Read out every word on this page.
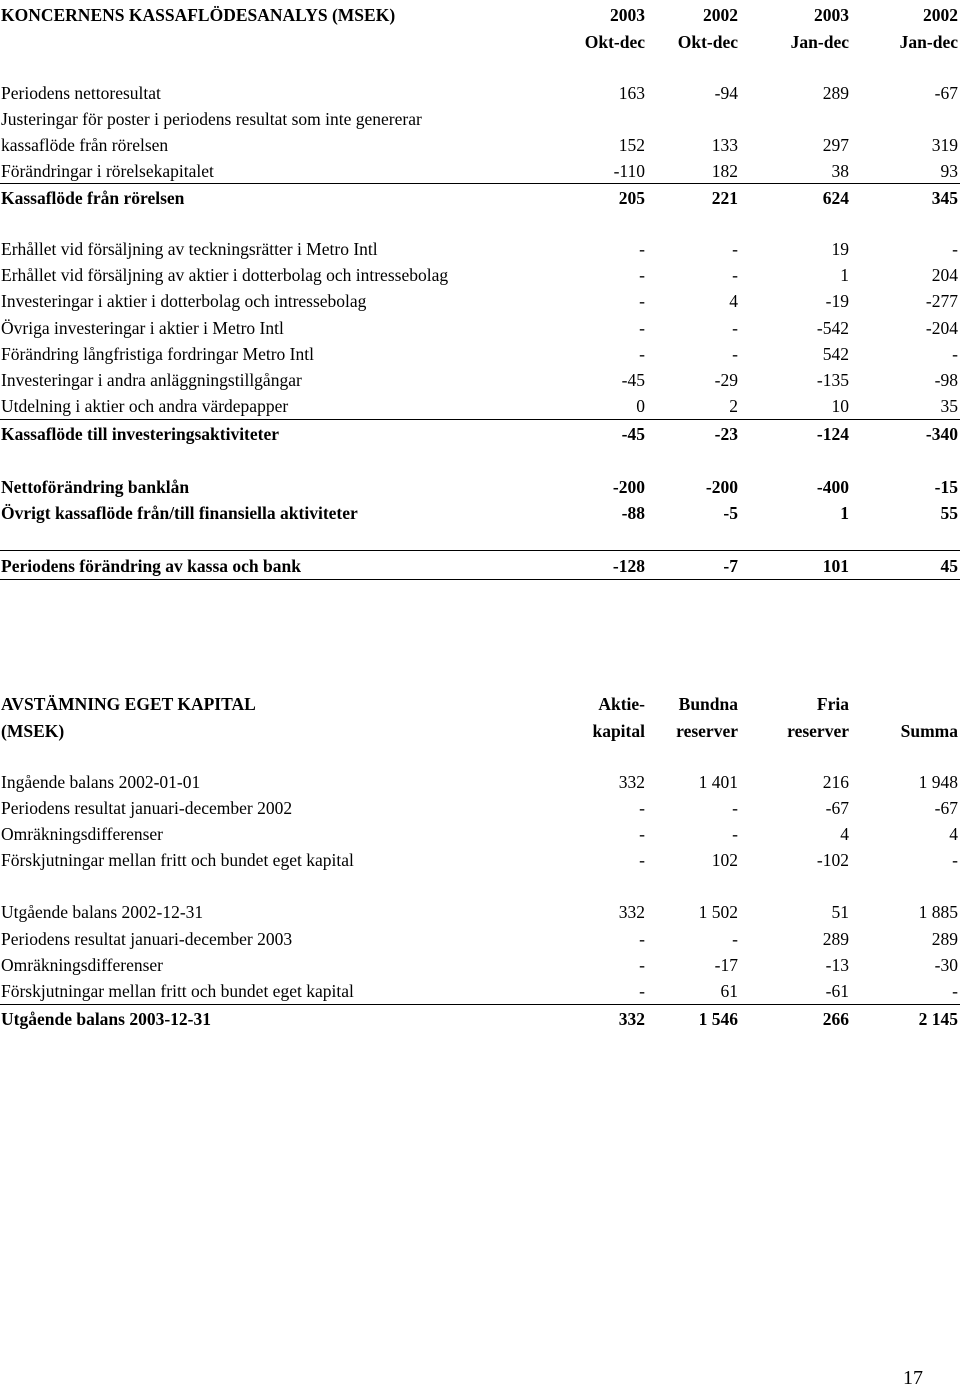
KONCERNENS KASSAFLÖDESANALYS (MSEK)	2003	2002	2003	2002
Okt-dec	Okt-dec	Jan-dec	Jan-dec
Periodens nettoresultat	163	-94	289	-67
Justeringar för poster i periodens resultat som inte genererar
kassaflöde från rörelsen	152	133	297	319
Förändringar i rörelsekapitalet	-110	182	38	93
Kassaflöde från rörelsen	205	221	624	345
Erhållet vid försäljning av teckningsrätter i Metro Intl	-	-	19	-
Erhållet vid försäljning av aktier i dotterbolag och intressebolag	-	-	1	204
Investeringar i aktier i dotterbolag och intressebolag	-	4	-19	-277
Övriga investeringar i aktier i Metro Intl	-	-	-542	-204
Förändring långfristiga fordringar Metro Intl	-	-	542	-
Investeringar i andra anläggningstillgångar	-45	-29	-135	-98
Utdelning i aktier och andra värdepapper	0	2	10	35
Kassaflöde till investeringsaktiviteter	-45	-23	-124	-340
Nettoförändring banklån	-200	-200	-400	-15
Övrigt kassaflöde från/till finansiella aktiviteter	-88	-5	1	55
Periodens förändring av kassa och bank	-128	-7	101	45
AVSTÄMNING EGET KAPITAL	Aktie-	Bundna	Fria
(MSEK)	kapital	reserver	reserver	Summa
Ingående balans 2002-01-01	332	1 401	216	1 948
Periodens resultat januari-december 2002	-	-	-67	-67
Omräkningsdifferenser	-	-	4	4
Förskjutningar mellan fritt och bundet eget kapital	-	102	-102	-
Utgående balans 2002-12-31	332	1 502	51	1 885
Periodens resultat januari-december 2003	-	-	289	289
Omräkningsdifferenser	-	-17	-13	-30
Förskjutningar mellan fritt och bundet eget kapital	-	61	-61	-
Utgående balans 2003-12-31	332	1 546	266	2 145
17
